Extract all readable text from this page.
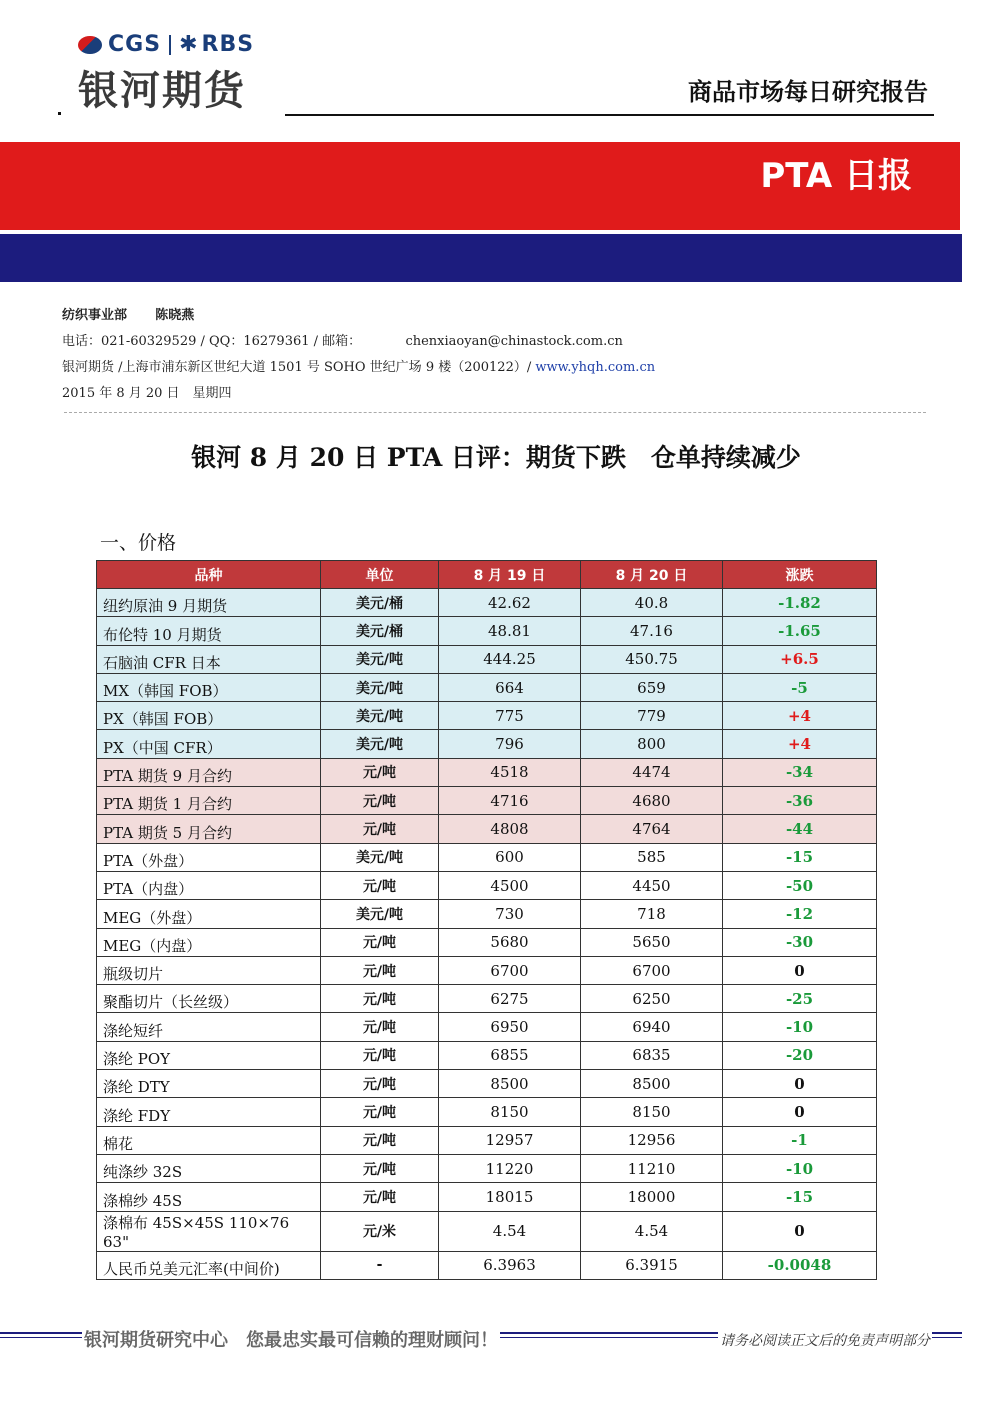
CGS ✱ RBS
银河期货	商品市场每日研究报告
PTA 日报
纺织事业部 陈晓燕
电话：021-60329529 / QQ：16279361 / 邮箱：	chenxiaoyan@chinastock.com.cn
银河期货 /上海市浦东新区世纪大道 1501 号 SOHO 世纪广场 9 楼（200122）/ www.yhqh.com.cn
2015 年 8 月 20 日　星期四
银河 8 月 20 日 PTA 日评：期货下跌　仓单持续减少
一、价格
品种	单位	8 月 19 日	8 月 20 日	涨跌
纽约原油 9 月期货	美元/桶	42.62	40.8	-1.82
布伦特 10 月期货	美元/桶	48.81	47.16	-1.65
石脑油 CFR 日本	美元/吨	444.25	450.75	+6.5
MX（韩国 FOB）	美元/吨	664	659	-5
PX（韩国 FOB）	美元/吨	775	779	+4
PX（中国 CFR）	美元/吨	796	800	+4
PTA 期货 9 月合约	元/吨	4518	4474	-34
PTA 期货 1 月合约	元/吨	4716	4680	-36
PTA 期货 5 月合约	元/吨	4808	4764	-44
PTA（外盘）	美元/吨	600	585	-15
PTA（内盘）	元/吨	4500	4450	-50
MEG（外盘）	美元/吨	730	718	-12
MEG（内盘）	元/吨	5680	5650	-30
瓶级切片	元/吨	6700	6700	0
聚酯切片（长丝级）	元/吨	6275	6250	-25
涤纶短纤	元/吨	6950	6940	-10
涤纶 POY	元/吨	6855	6835	-20
涤纶 DTY	元/吨	8500	8500	0
涤纶 FDY	元/吨	8150	8150	0
棉花	元/吨	12957	12956	-1
纯涤纱 32S	元/吨	11220	11210	-10
涤棉纱 45S	元/吨	18015	18000	-15
涤棉布 45S×45S 110×76 63"	元/米	4.54	4.54	0
人民币兑美元汇率(中间价)	-	6.3963	6.3915	-0.0048
银河期货研究中心　您最忠实最可信赖的理财顾问！	请务必阅读正文后的免责声明部分
